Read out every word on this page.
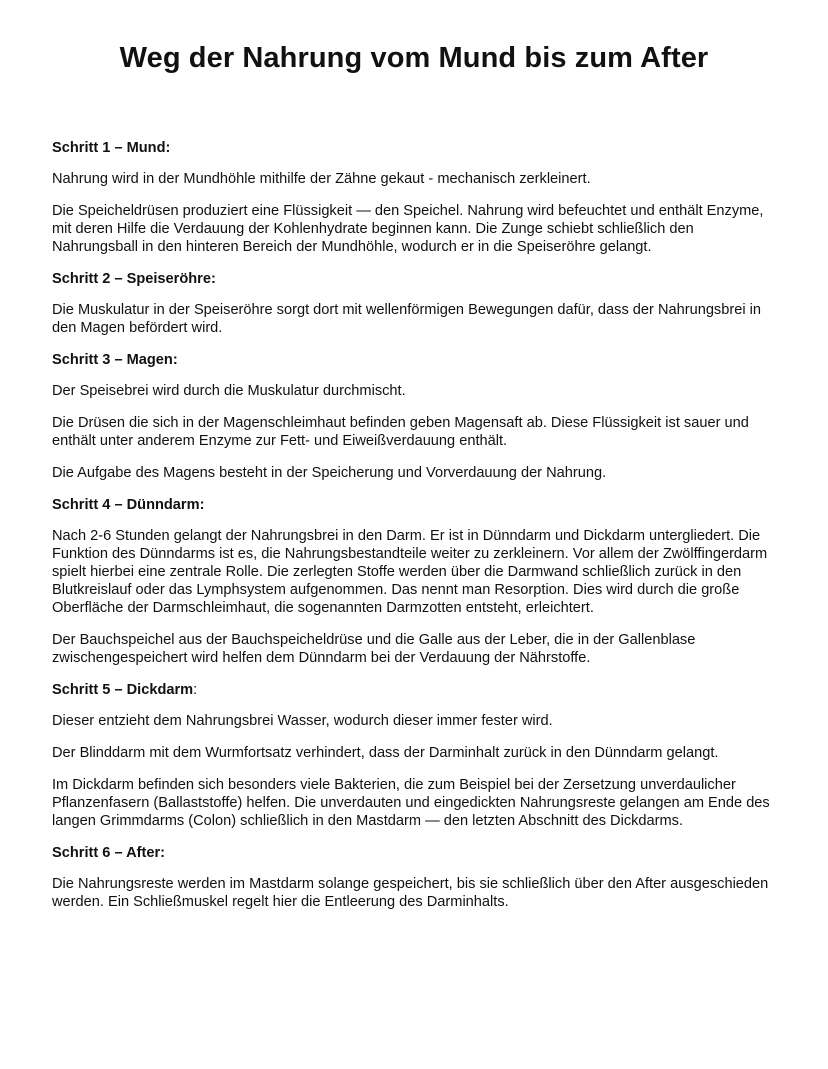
Weg der Nahrung vom Mund bis zum After
Schritt 1 – Mund:

Nahrung wird in der Mundhöhle mithilfe der Zähne gekaut - mechanisch zerkleinert.

Die Speicheldrüsen produziert eine Flüssigkeit — den Speichel. Nahrung wird befeuchtet und enthält Enzyme, mit deren Hilfe die Verdauung der Kohlenhydrate beginnen kann. Die Zunge schiebt schließlich den Nahrungsball in den hinteren Bereich der Mundhöhle, wodurch er in die Speiseröhre gelangt.

Schritt 2 – Speiseröhre:

Die Muskulatur in der Speiseröhre sorgt dort mit wellenförmigen Bewegungen dafür, dass der Nahrungsbrei in den Magen befördert wird.

Schritt 3 – Magen:

Der Speisebrei wird durch die Muskulatur durchmischt.

Die Drüsen die sich in der Magenschleimhaut befinden geben Magensaft ab. Diese Flüssigkeit ist sauer und enthält unter anderem Enzyme zur Fett- und Eiweißverdauung enthält.

Die Aufgabe des Magens besteht in der Speicherung und Vorverdauung der Nahrung.

Schritt 4 – Dünndarm:

Nach 2-6 Stunden gelangt der Nahrungsbrei in den Darm. Er ist in Dünndarm und Dickdarm untergliedert. Die Funktion des Dünndarms ist es, die Nahrungsbestandteile weiter zu zerkleinern. Vor allem der Zwölffingerdarm spielt hierbei eine zentrale Rolle. Die zerlegten Stoffe werden über die Darmwand schließlich zurück in den Blutkreislauf oder das Lymphsystem aufgenommen. Das nennt man Resorption. Dies wird durch die große Oberfläche der Darmschleimhaut, die sogenannten Darmzotten entsteht, erleichtert.

Der Bauchspeichel aus der Bauchspeicheldrüse und die Galle aus der Leber, die in der Gallenblase zwischengespeichert wird helfen dem Dünndarm bei der Verdauung der Nährstoffe.

Schritt 5 – Dickdarm:

Dieser entzieht dem Nahrungsbrei Wasser, wodurch dieser immer fester wird.

Der Blinddarm mit dem Wurmfortsatz verhindert, dass der Darminhalt zurück in den Dünndarm gelangt.

Im Dickdarm befinden sich besonders viele Bakterien, die zum Beispiel bei der Zersetzung unverdaulicher Pflanzenfasern (Ballaststoffe) helfen. Die unverdauten und eingedickten Nahrungsreste gelangen am Ende des langen Grimmdarms (Colon) schließlich in den Mastdarm — den letzten Abschnitt des Dickdarms.

Schritt 6 – After:

Die Nahrungsreste werden im Mastdarm solange gespeichert, bis sie schließlich über den After ausgeschieden werden. Ein Schließmuskel regelt hier die Entleerung des Darminhalts.
